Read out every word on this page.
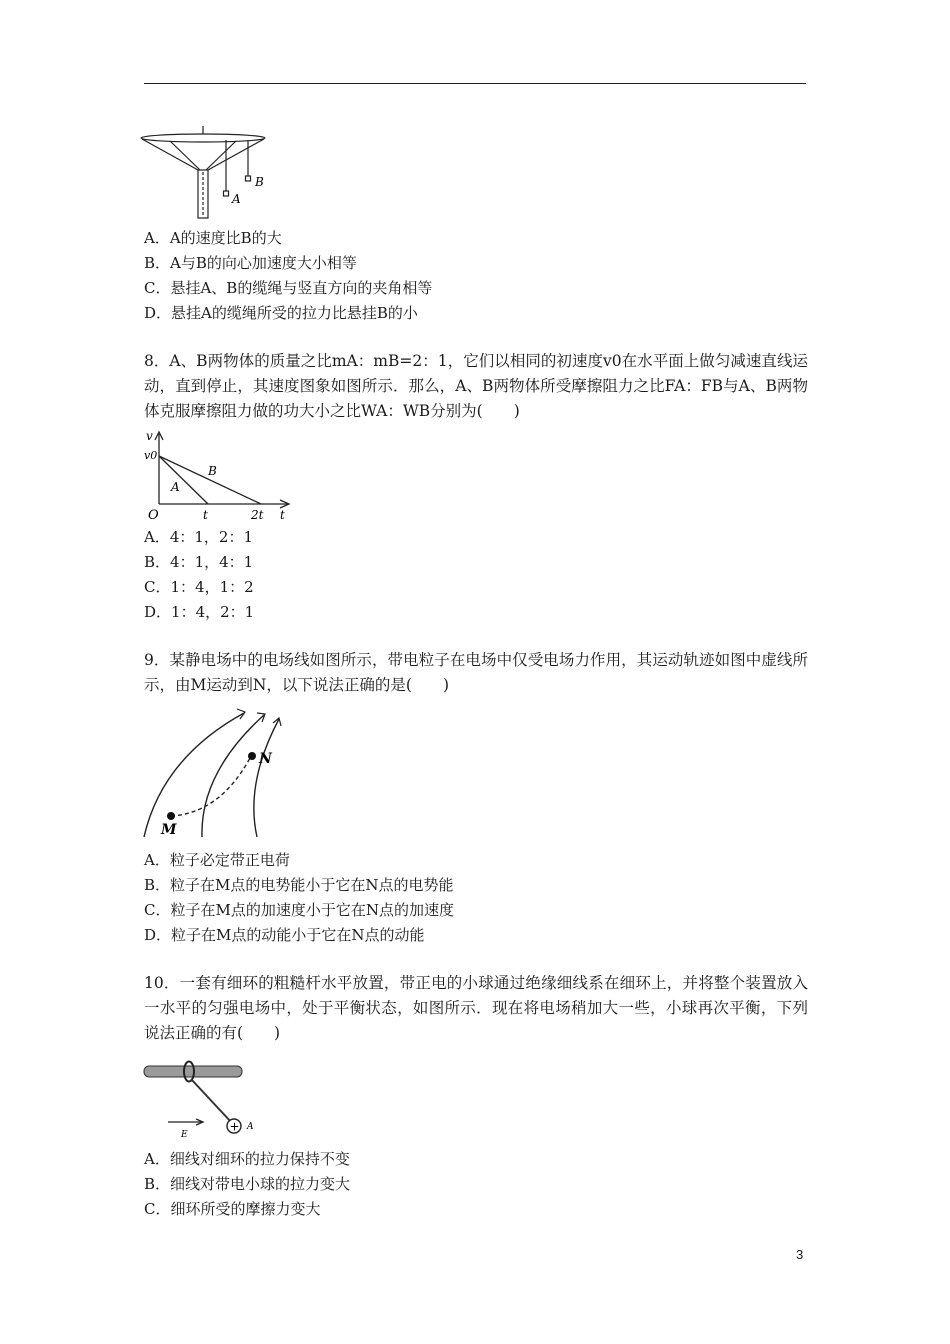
A
B
A．A的速度比B的大
B．A与B的向心加速度大小相等
C．悬挂A、B的缆绳与竖直方向的夹角相等
D．悬挂A的缆绳所受的拉力比悬挂B的小
8．A、B两物体的质量之比mA：mB=2：1，它们以相同的初速度v0在水平面上做匀减速直线运动，直到停止，其速度图象如图所示．那么，A、B两物体所受摩擦阻力之比FA：FB与A、B两物体克服摩擦阻力做的功大小之比WA：WB分别为(　　)
v
v0
B
A
O	t	2t t
A．4：1，2：1
B．4：1，4：1
C．1：4，1：2
D．1：4，2：1
9．某静电场中的电场线如图所示，带电粒子在电场中仅受电场力作用，其运动轨迹如图中虚线所示，由M运动到N，以下说法正确的是(　　)
M
N
A．粒子必定带正电荷
B．粒子在M点的电势能小于它在N点的电势能
C．粒子在M点的加速度小于它在N点的加速度
D．粒子在M点的动能小于它在N点的动能
10．一套有细环的粗糙杆水平放置，带正电的小球通过绝缘细线系在细环上，并将整个装置放入一水平的匀强电场中，处于平衡状态，如图所示．现在将电场稍加大一些，小球再次平衡，下列说法正确的有(　　)
+ A
E
A．细线对细环的拉力保持不变
B．细线对带电小球的拉力变大
C．细环所受的摩擦力变大
3
